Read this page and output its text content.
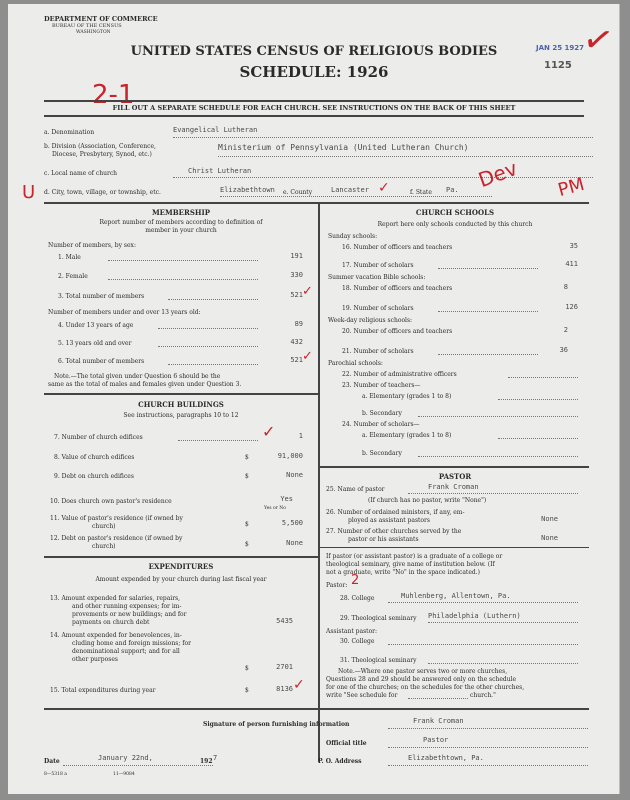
DEPARTMENT OF COMMERCE
BUREAU OF THE CENSUS
WASHINGTON
UNITED STATES CENSUS OF RELIGIOUS BODIES
SCHEDULE: 1926
JAN 25 1927
1125
✓
2-1
FILL OUT A SEPARATE SCHEDULE FOR EACH CHURCH. SEE INSTRUCTIONS ON THE BACK OF THIS SHEET
a. Denomination	Evangelical Lutheran
b. Division (Association, Conference,
Diocese, Presbytery, Synod, etc.)
Ministerium of Pennsylvania (United Lutheran Church)
c. Local name of church	Christ Lutheran
U d. City, town, village, or township, etc.	Elizabethtown e. County	Lancaster ✓	f. State Pa. Dev PM
MEMBERSHIP
Report number of members according to definition of
member in your church
Number of members, by sex:
1. Male	191
2. Female	330
3. Total number of members	521 ✓
Number of members under and over 13 years old:
4. Under 13 years of age	89
5. 13 years old and over	432
6. Total number of members	521 ✓
Note.—The total given under Question 6 should be the
same as the total of males and females given under Question 3.
CHURCH BUILDINGS
See instructions, paragraphs 10 to 12
7. Number of church edifices	1
✓
8. Value of church edifices	$	91,000
9. Debt on church edifices	$	None
10. Does church own pastor's residence	Yes
Yes or No
11. Value of pastor's residence (if owned by
church)	$	5,500
12. Debt on pastor's residence (if owned by
church)	$	None
EXPENDITURES
Amount expended by your church during last fiscal year
13. Amount expended for salaries, repairs,
and other running expenses; for im-
provements or new buildings; and for
payments on church debt	5435
14. Amount expended for benevolences, in-
cluding home and foreign missions; for
denominational support; and for all
other purposes
$	2701
15. Total expenditures during year	$	8136 ✓
CHURCH SCHOOLS
Report here only schools conducted by this church
Sunday schools:
16. Number of officers and teachers	35
17. Number of scholars	411
Summer vacation Bible schools:
18. Number of officers and teachers	8
19. Number of scholars	126
Week-day religious schools:
20. Number of officers and teachers	2
21. Number of scholars	36
Parochial schools:
22. Number of administrative officers
23. Number of teachers—
a. Elementary (grades 1 to 8)
b. Secondary
24. Number of scholars—
a. Elementary (grades 1 to 8)
b. Secondary
PASTOR
25. Name of pastor	Frank Croman
(If church has no pastor, write "None")
26. Number of ordained ministers, if any, em-
ployed as assistant pastors	None
27. Number of other churches served by the
pastor or his assistants	None
If pastor (or assistant pastor) is a graduate of a college or
theological seminary, give name of institution below. (If
not a graduate, write "No" in the space indicated.)
Pastor: 2
28. College	Muhlenberg, Allentown, Pa.
29. Theological seminary Philadelphia (Luthern)
Assistant pastor:
30. College
31. Theological seminary
Note.—Where one pastor serves two or more churches,
Questions 28 and 29 should be answered only on the schedule
for one of the churches; on the schedules for the other churches,
write "See schedule for	church."
Signature of person furnishing information	Frank Croman
Official title	Pastor
Date	January 22nd,	192 7	P. O. Address	Elizabethtown, Pa.
8—5318 a	11—9084
